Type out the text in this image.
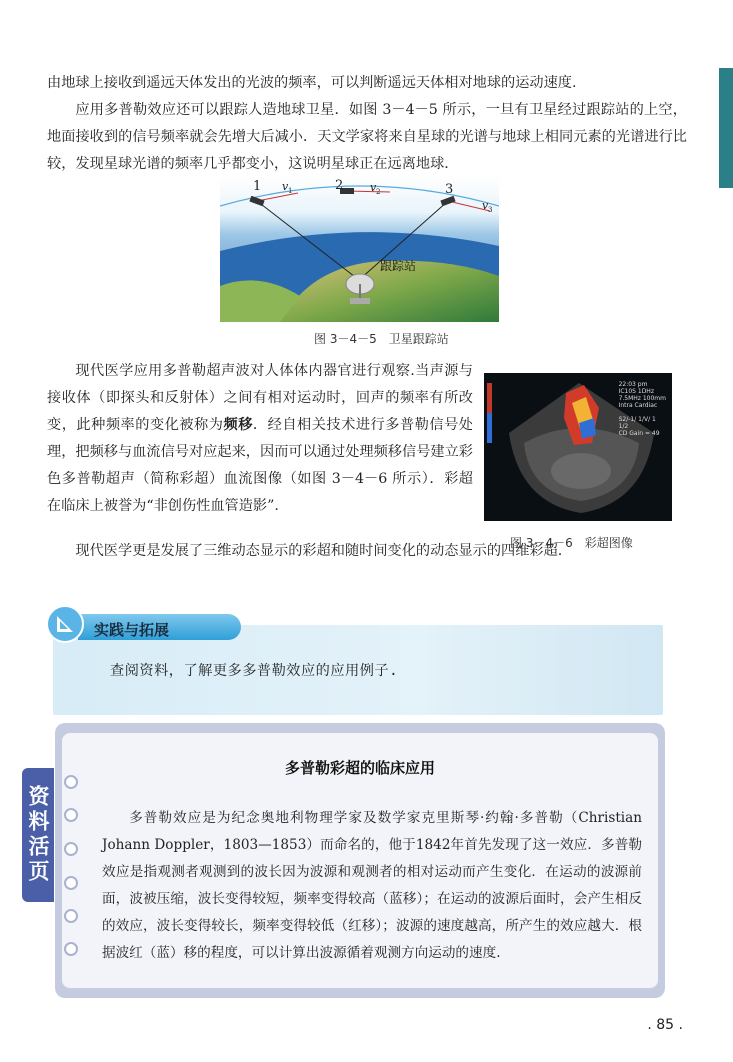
由地球上接收到遥远天体发出的光波的频率，可以判断遥远天体相对地球的运动速度.

应用多普勒效应还可以跟踪人造地球卫星．如图 3－4－5 所示，一旦有卫星经过跟踪站的上空，地面接收到的信号频率就会先增大后减小．天文学家将来自星球的光谱与地球上相同元素的光谱进行比较，发现星球光谱的频率几乎都变小，这说明星球正在远离地球.

1	2	3
v 1	v 2
v 3
跟踪站
图 3－4－5　卫星跟踪站

现代医学应用多普勒超声波对人体体内器官进行观察.当声源与接收体（即探头和反射体）之间有相对运动时，回声的频率有所改变，此种频率的变化被称为频移．经自相关技术进行多普勒信号处理，把频移与血流信号对应起来，因而可以通过处理频移信号建立彩色多普勒超声（简称彩超）血流图像（如图 3－4－6 所示）．彩超在临床上被誉为“非创伤性血管造影”.

现代医学更是发展了三维动态显示的彩超和随时间变化的动态显示的四维彩超.

22:03 pm
IC10S 1DHz
7.5MHz 100mm
Intra Cardiac
S2/-1/ 1/V/ 1
1/2
CD Gain = 49
图 3－4－6　彩超图像
实践与拓展
查阅资料，了解更多多普勒效应的应用例子.
资料活页
多普勒彩超的临床应用

多普勒效应是为纪念奥地利物理学家及数学家克里斯琴·约翰·多普勒（Christian Johann Doppler，1803—1853）而命名的，他于1842年首先发现了这一效应．多普勒效应是指观测者观测到的波长因为波源和观测者的相对运动而产生变化．在运动的波源前面，波被压缩，波长变得较短，频率变得较高（蓝移）；在运动的波源后面时，会产生相反的效应，波长变得较长，频率变得较低（红移）；波源的速度越高，所产生的效应越大．根据波红（蓝）移的程度，可以计算出波源循着观测方向运动的速度.

. 85 .
